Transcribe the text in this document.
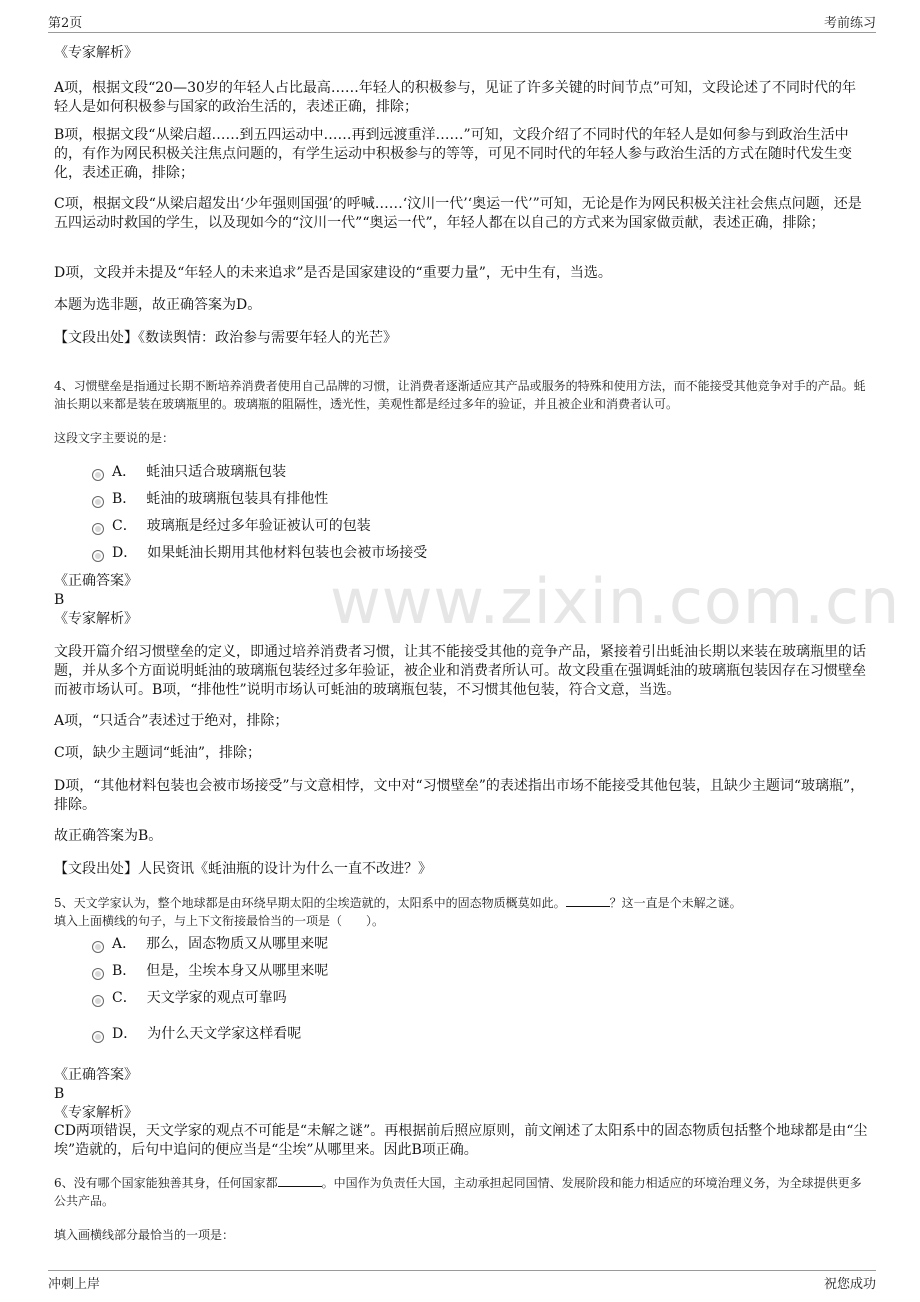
第2页	考前练习
www.zixin.com.cn
《专家解析》
A项，根据文段“20—30岁的年轻人占比最高……年轻人的积极参与，见证了许多关键的时间节点”可知，文段论述了不同时代的年轻人是如何积极参与国家的政治生活的，表述正确，排除；
B项，根据文段“从梁启超……到五四运动中……再到远渡重洋……”可知，文段介绍了不同时代的年轻人是如何参与到政治生活中的，有作为网民积极关注焦点问题的，有学生运动中积极参与的等等，可见不同时代的年轻人参与政治生活的方式在随时代发生变化，表述正确，排除；
C项，根据文段“从梁启超发出‘少年强则国强’的呼喊……‘汶川一代’‘奥运一代’”可知，无论是作为网民积极关注社会焦点问题，还是五四运动时救国的学生，以及现如今的“汶川一代”“奥运一代”，年轻人都在以自己的方式来为国家做贡献，表述正确，排除；
D项，文段并未提及“年轻人的未来追求”是否是国家建设的“重要力量”，无中生有，当选。
本题为选非题，故正确答案为D。
【文段出处】《数读舆情：政治参与需要年轻人的光芒》
4、习惯壁垒是指通过长期不断培养消费者使用自己品牌的习惯，让消费者逐渐适应其产品或服务的特殊和使用方法，而不能接受其他竞争对手的产品。蚝油长期以来都是装在玻璃瓶里的。玻璃瓶的阻隔性，透光性，美观性都是经过多年的验证，并且被企业和消费者认可。
这段文字主要说的是：
A． 蚝油只适合玻璃瓶包装
B． 蚝油的玻璃瓶包装具有排他性
C． 玻璃瓶是经过多年验证被认可的包装
D． 如果蚝油长期用其他材料包装也会被市场接受
《正确答案》
B
《专家解析》
文段开篇介绍习惯壁垒的定义，即通过培养消费者习惯，让其不能接受其他的竞争产品，紧接着引出蚝油长期以来装在玻璃瓶里的话题，并从多个方面说明蚝油的玻璃瓶包装经过多年验证，被企业和消费者所认可。故文段重在强调蚝油的玻璃瓶包装因存在习惯壁垒而被市场认可。B项，“排他性”说明市场认可蚝油的玻璃瓶包装，不习惯其他包装，符合文意，当选。
A项，“只适合”表述过于绝对，排除；
C项，缺少主题词“蚝油”，排除；
D项，“其他材料包装也会被市场接受”与文意相悖，文中对“习惯壁垒”的表述指出市场不能接受其他包装，且缺少主题词“玻璃瓶”，排除。
故正确答案为B。
【文段出处】人民资讯《蚝油瓶的设计为什么一直不改进？》
5、天文学家认为，整个地球都是由环绕早期太阳的尘埃造就的，太阳系中的固态物质概莫如此。	？这一直是个未解之谜。
填入上面横线的句子，与上下文衔接最恰当的一项是（　　）。
A． 那么，固态物质又从哪里来呢
B． 但是，尘埃本身又从哪里来呢
C． 天文学家的观点可靠吗
D． 为什么天文学家这样看呢
《正确答案》
B
《专家解析》
CD两项错误，天文学家的观点不可能是“未解之谜”。再根据前后照应原则，前文阐述了太阳系中的固态物质包括整个地球都是由“尘埃”造就的，后句中追问的便应当是“尘埃”从哪里来。因此B项正确。
6、没有哪个国家能独善其身，任何国家都	。中国作为负责任大国，主动承担起同国情、发展阶段和能力相适应的环境治理义务，为全球提供更多公共产品。
填入画横线部分最恰当的一项是：
冲刺上岸	祝您成功
